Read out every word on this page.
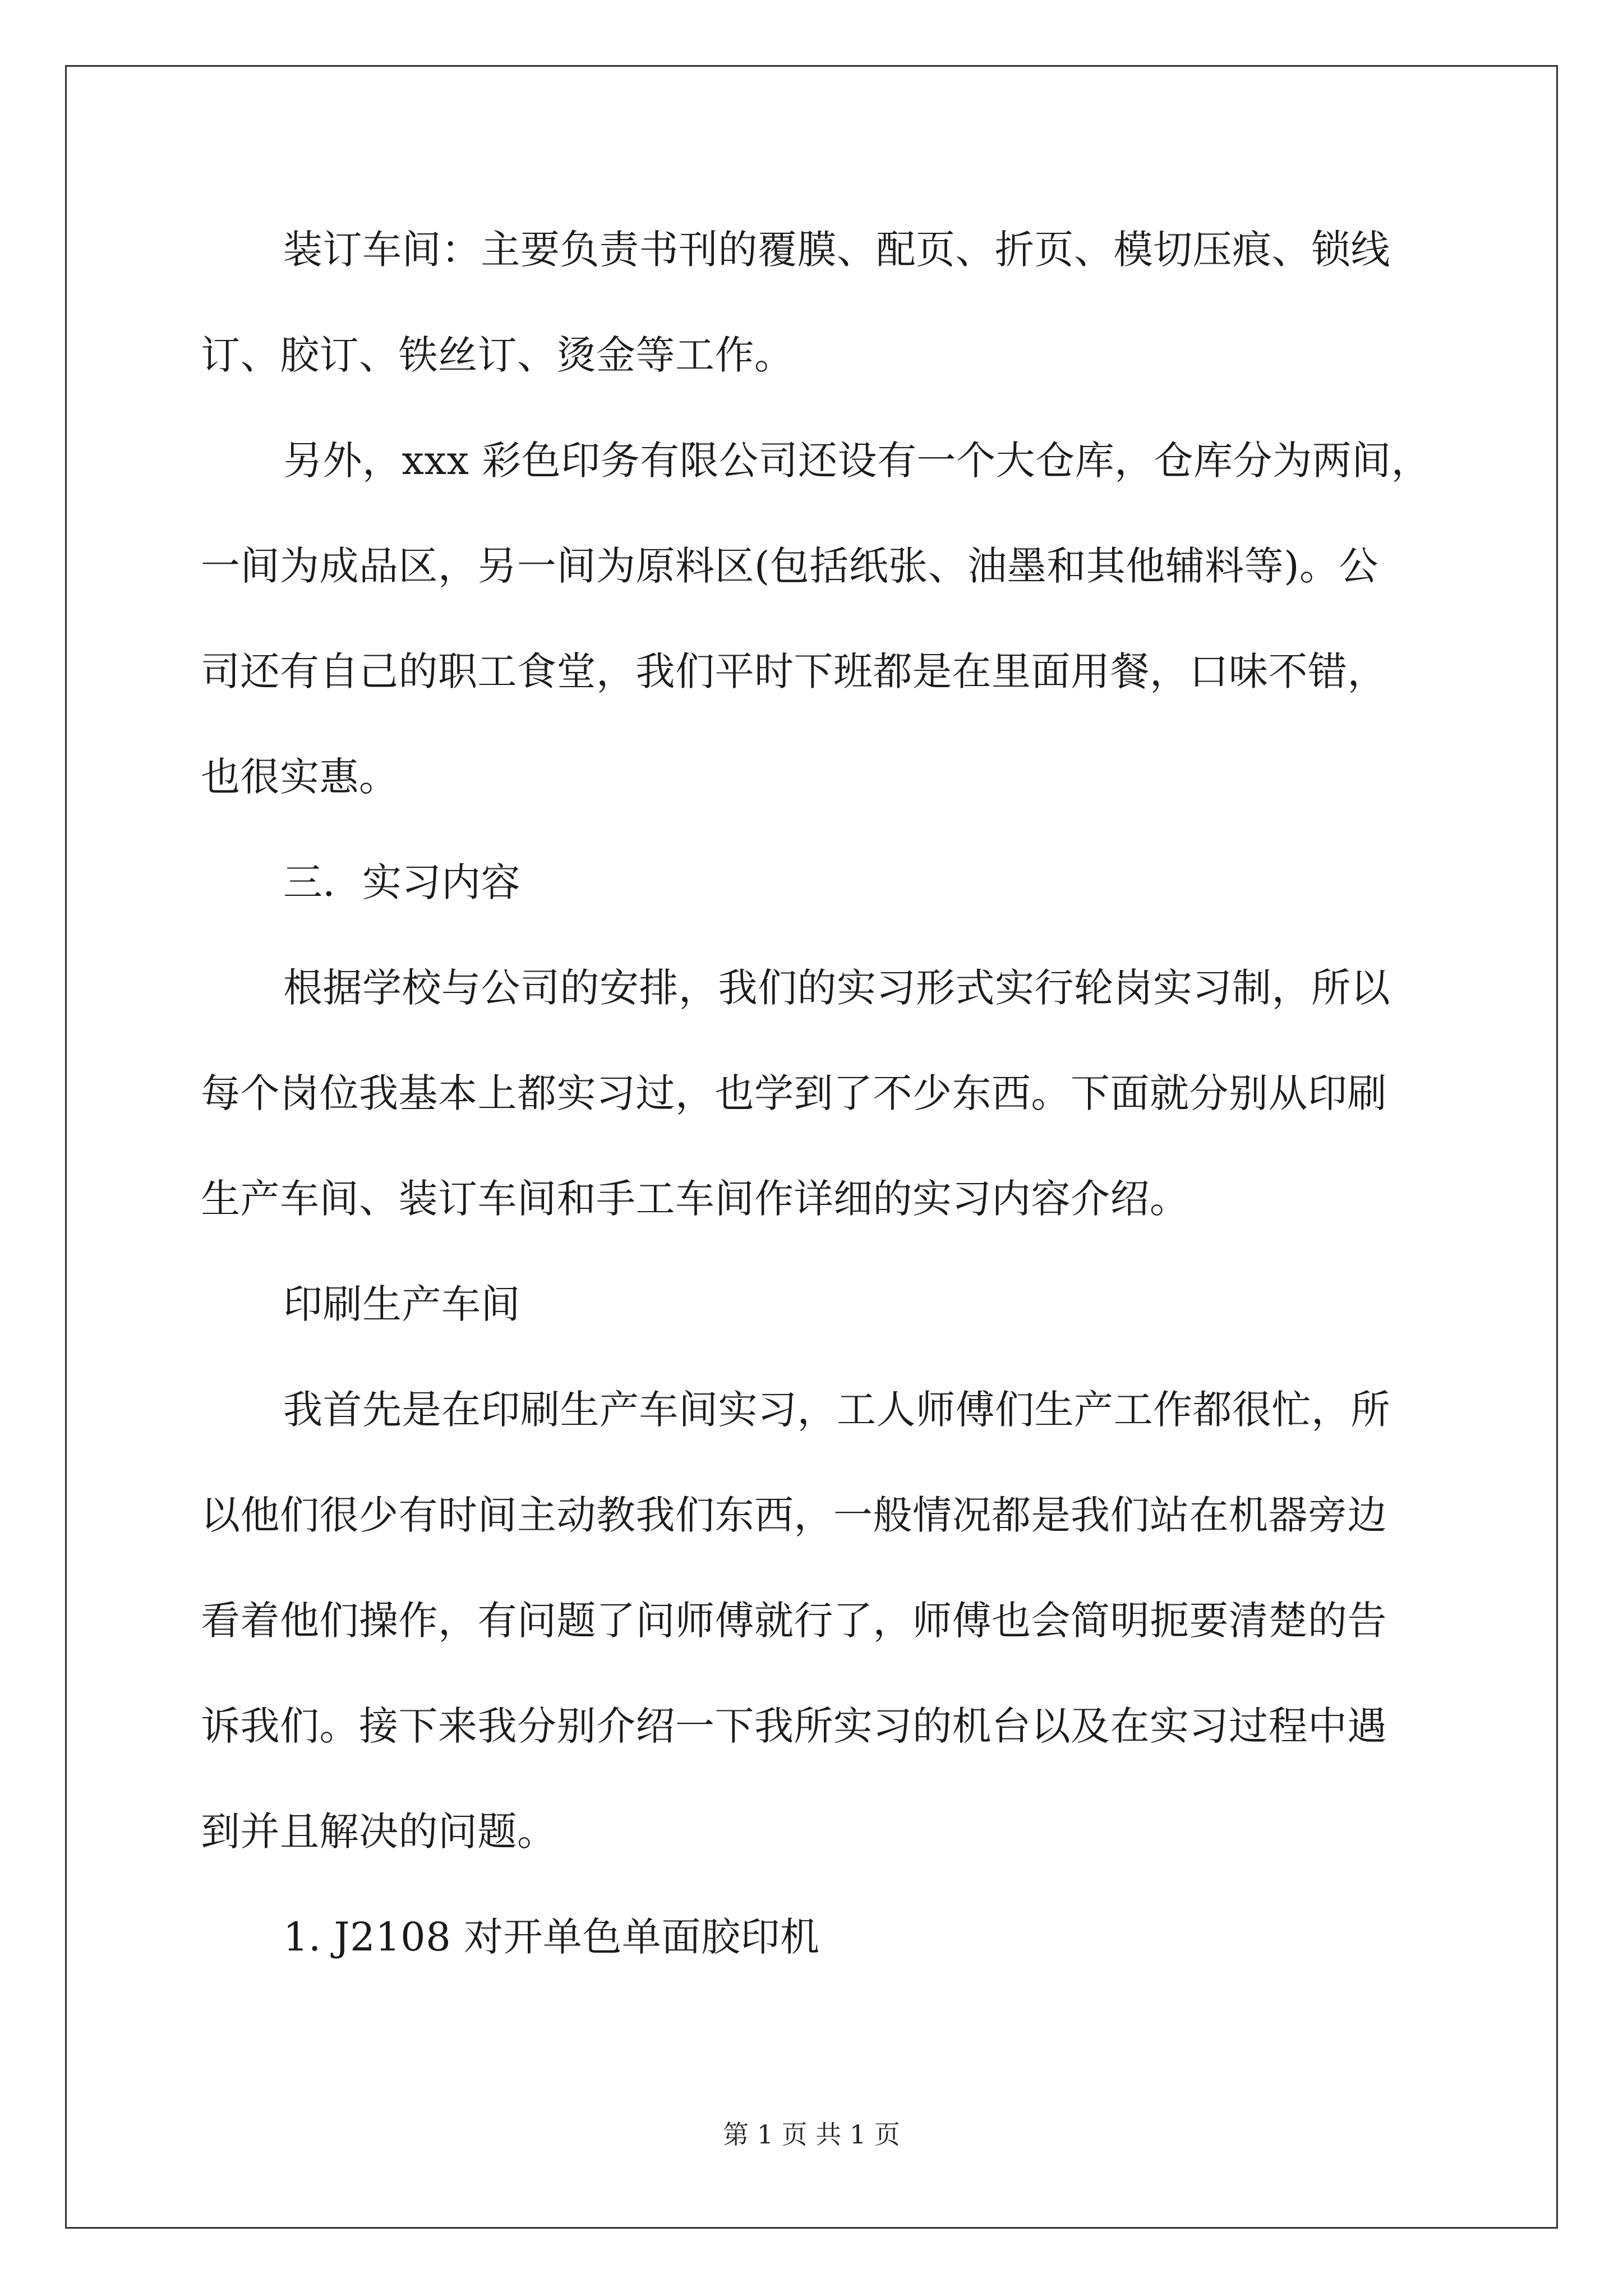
装订车间：主要负责书刊的覆膜、配页、折页、模切压痕、锁线
订、胶订、铁丝订、烫金等工作。
另外，xxx 彩色印务有限公司还设有一个大仓库，仓库分为两间，
一间为成品区，另一间为原料区(包括纸张、油墨和其他辅料等)。公
司还有自己的职工食堂，我们平时下班都是在里面用餐，口味不错，
也很实惠。
三．实习内容
根据学校与公司的安排，我们的实习形式实行轮岗实习制，所以
每个岗位我基本上都实习过，也学到了不少东西。下面就分别从印刷
生产车间、装订车间和手工车间作详细的实习内容介绍。
印刷生产车间
我首先是在印刷生产车间实习，工人师傅们生产工作都很忙，所
以他们很少有时间主动教我们东西，一般情况都是我们站在机器旁边
看着他们操作，有问题了问师傅就行了，师傅也会简明扼要清楚的告
诉我们。接下来我分别介绍一下我所实习的机台以及在实习过程中遇
到并且解决的问题。
1. J2108 对开单色单面胶印机
第 1 页 共 1 页
